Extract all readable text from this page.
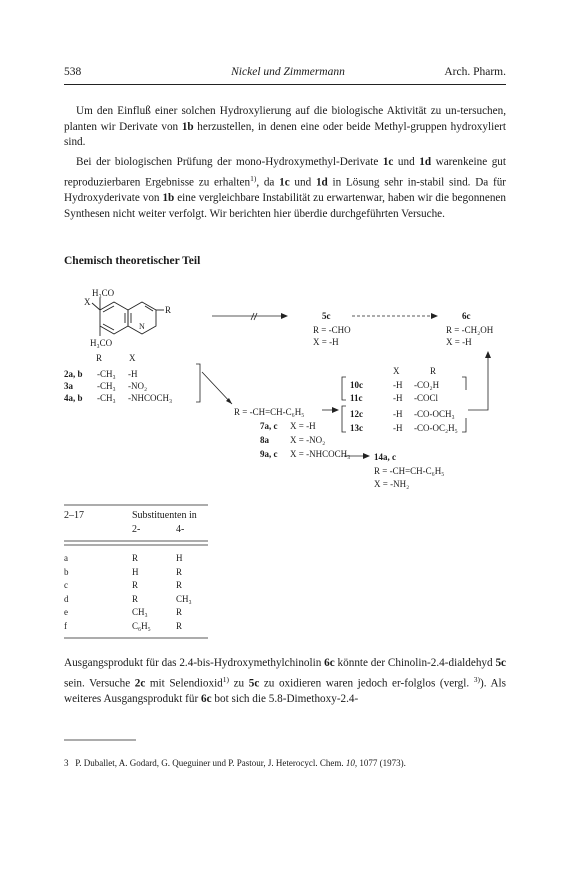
538	Nickel und Zimmermann	Arch. Pharm.
Um den Einfluß einer solchen Hydroxylierung auf die biologische Aktivität zu un-tersuchen, planten wir Derivate von 1b herzustellen, in denen eine oder beide Methyl-gruppen hydroxyliert sind.
Bei der biologischen Prüfung der mono-Hydroxymethyl-Derivate 1c und 1d warenkeine gut reproduzierbaren Ergebnisse zu erhalten$^{1)}$, da 1c und 1d in Lösung sehr in-stabil sind. Da für Hydroxyderivate von 1b eine vergleichbare Instabilität zu erwartenwar, haben wir die begonnenen Synthesen nicht weiter verfolgt. Wir berichten hier überdie durchgeführten Versuche.
Chemisch theoretischer Teil
H₃CO
X
R
N
H₃CO
R	X
2a, b -CH₃ -H
3a	-CH₃ -NO₂
4a, b -CH₃ -NHCOCH₃
5c
R = -CHO
X = -H
6c
R = -CH₂OH
X = -H
R = -CH=CH-C₆H₅
7a, c X = -H
8a X = -NO₂
9a, c X = -NHCOCH₃	14a, c
R = -CH=CH-C₆H₅
X = -NH₂
X	R
10c	-H -CO₂H
11c	-H -COCl
12c	-H -CO-OCH₃
13c	-H -CO-OC₂H₅
2–17	Substituenten in
2-	4-
a	R	H
b	H	R
c	R	R
d	R	CH₃
e	CH₃	R
f	C₆H₅	R
Ausgangsprodukt für das 2.4-bis-Hydroxymethylchinolin 6c könnte der Chinolin-2.4-dialdehyd 5c sein. Versuche 2c mit Selendioxid$^{1)}$ zu 5c zu oxidieren waren jedoch er-folglos (vergl. $^{3)}$). Als weiteres Ausgangsprodukt für 6c bot sich die 5.8-Dimethoxy-2.4-
3 P. Duballet, A. Godard, G. Queguiner und P. Pastour, J. Heterocycl. Chem. 10, 1077 (1973).
